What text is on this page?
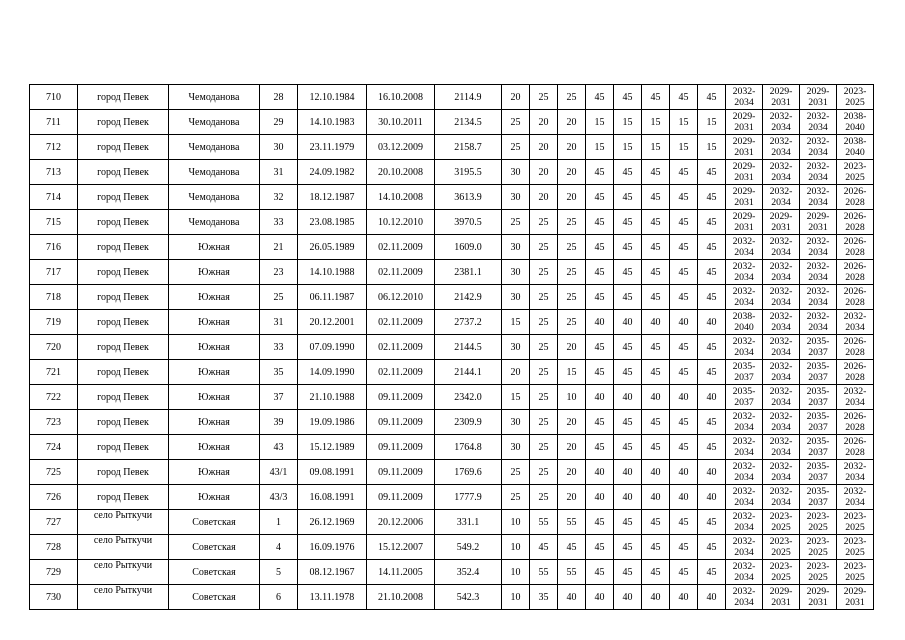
710	город Певек	Чемоданова	28	12.10.1984	16.10.2008	2114.9	20	25	25	45	45	45	45	45	2032-2034	2029-2031	2029-2031	2023-2025
711	город Певек	Чемоданова	29	14.10.1983	30.10.2011	2134.5	25	20	20	15	15	15	15	15	2029-2031	2032-2034	2032-2034	2038-2040
712	город Певек	Чемоданова	30	23.11.1979	03.12.2009	2158.7	25	20	20	15	15	15	15	15	2029-2031	2032-2034	2032-2034	2038-2040
713	город Певек	Чемоданова	31	24.09.1982	20.10.2008	3195.5	30	20	20	45	45	45	45	45	2029-2031	2032-2034	2032-2034	2023-2025
714	город Певек	Чемоданова	32	18.12.1987	14.10.2008	3613.9	30	20	20	45	45	45	45	45	2029-2031	2032-2034	2032-2034	2026-2028
715	город Певек	Чемоданова	33	23.08.1985	10.12.2010	3970.5	25	25	25	45	45	45	45	45	2029-2031	2029-2031	2029-2031	2026-2028
716	город Певек	Южная	21	26.05.1989	02.11.2009	1609.0	30	25	25	45	45	45	45	45	2032-2034	2032-2034	2032-2034	2026-2028
717	город Певек	Южная	23	14.10.1988	02.11.2009	2381.1	30	25	25	45	45	45	45	45	2032-2034	2032-2034	2032-2034	2026-2028
718	город Певек	Южная	25	06.11.1987	06.12.2010	2142.9	30	25	25	45	45	45	45	45	2032-2034	2032-2034	2032-2034	2026-2028
719	город Певек	Южная	31	20.12.2001	02.11.2009	2737.2	15	25	25	40	40	40	40	40	2038-2040	2032-2034	2032-2034	2032-2034
720	город Певек	Южная	33	07.09.1990	02.11.2009	2144.5	30	25	20	45	45	45	45	45	2032-2034	2032-2034	2035-2037	2026-2028
721	город Певек	Южная	35	14.09.1990	02.11.2009	2144.1	20	25	15	45	45	45	45	45	2035-2037	2032-2034	2035-2037	2026-2028
722	город Певек	Южная	37	21.10.1988	09.11.2009	2342.0	15	25	10	40	40	40	40	40	2035-2037	2032-2034	2035-2037	2032-2034
723	город Певек	Южная	39	19.09.1986	09.11.2009	2309.9	30	25	20	45	45	45	45	45	2032-2034	2032-2034	2035-2037	2026-2028
724	город Певек	Южная	43	15.12.1989	09.11.2009	1764.8	30	25	20	45	45	45	45	45	2032-2034	2032-2034	2035-2037	2026-2028
725	город Певек	Южная	43/1	09.08.1991	09.11.2009	1769.6	25	25	20	40	40	40	40	40	2032-2034	2032-2034	2035-2037	2032-2034
726	город Певек	Южная	43/3	16.08.1991	09.11.2009	1777.9	25	25	20	40	40	40	40	40	2032-2034	2032-2034	2035-2037	2032-2034
727	село Рыткучи	Советская	1	26.12.1969	20.12.2006	331.1	10	55	55	45	45	45	45	45	2032-2034	2023-2025	2023-2025	2023-2025
728	село Рыткучи	Советская	4	16.09.1976	15.12.2007	549.2	10	45	45	45	45	45	45	45	2032-2034	2023-2025	2023-2025	2023-2025
729	село Рыткучи	Советская	5	08.12.1967	14.11.2005	352.4	10	55	55	45	45	45	45	45	2032-2034	2023-2025	2023-2025	2023-2025
730	село Рыткучи	Советская	6	13.11.1978	21.10.2008	542.3	10	35	40	40	40	40	40	40	2032-2034	2029-2031	2029-2031	2029-2031
